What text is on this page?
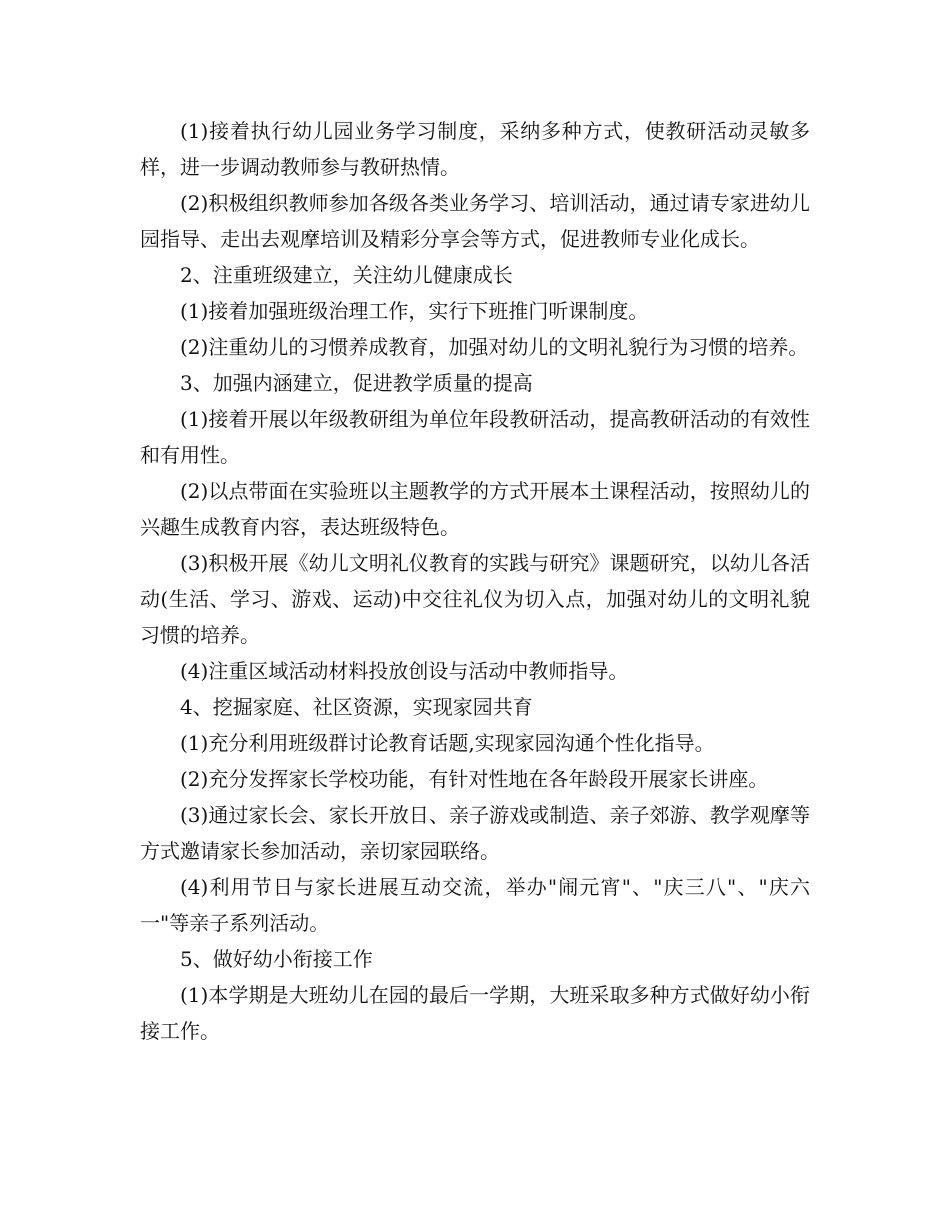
(1)接着执行幼儿园业务学习制度，采纳多种方式，使教研活动灵敏多样，进一步调动教师参与教研热情。

(2)积极组织教师参加各级各类业务学习、培训活动，通过请专家进幼儿园指导、走出去观摩培训及精彩分享会等方式，促进教师专业化成长。

2、注重班级建立，关注幼儿健康成长

(1)接着加强班级治理工作，实行下班推门听课制度。

(2)注重幼儿的习惯养成教育，加强对幼儿的文明礼貌行为习惯的培养。

3、加强内涵建立，促进教学质量的提高

(1)接着开展以年级教研组为单位年段教研活动，提高教研活动的有效性和有用性。

(2)以点带面在实验班以主题教学的方式开展本土课程活动，按照幼儿的兴趣生成教育内容，表达班级特色。

(3)积极开展《幼儿文明礼仪教育的实践与研究》课题研究，以幼儿各活动(生活、学习、游戏、运动)中交往礼仪为切入点，加强对幼儿的文明礼貌习惯的培养。

(4)注重区域活动材料投放创设与活动中教师指导。

4、挖掘家庭、社区资源，实现家园共育

(1)充分利用班级群讨论教育话题,实现家园沟通个性化指导。

(2)充分发挥家长学校功能，有针对性地在各年龄段开展家长讲座。

(3)通过家长会、家长开放日、亲子游戏或制造、亲子郊游、教学观摩等方式邀请家长参加活动，亲切家园联络。

(4)利用节日与家长进展互动交流，举办"闹元宵"、"庆三八"、"庆六一"等亲子系列活动。

5、做好幼小衔接工作

(1)本学期是大班幼儿在园的最后一学期，大班采取多种方式做好幼小衔接工作。
